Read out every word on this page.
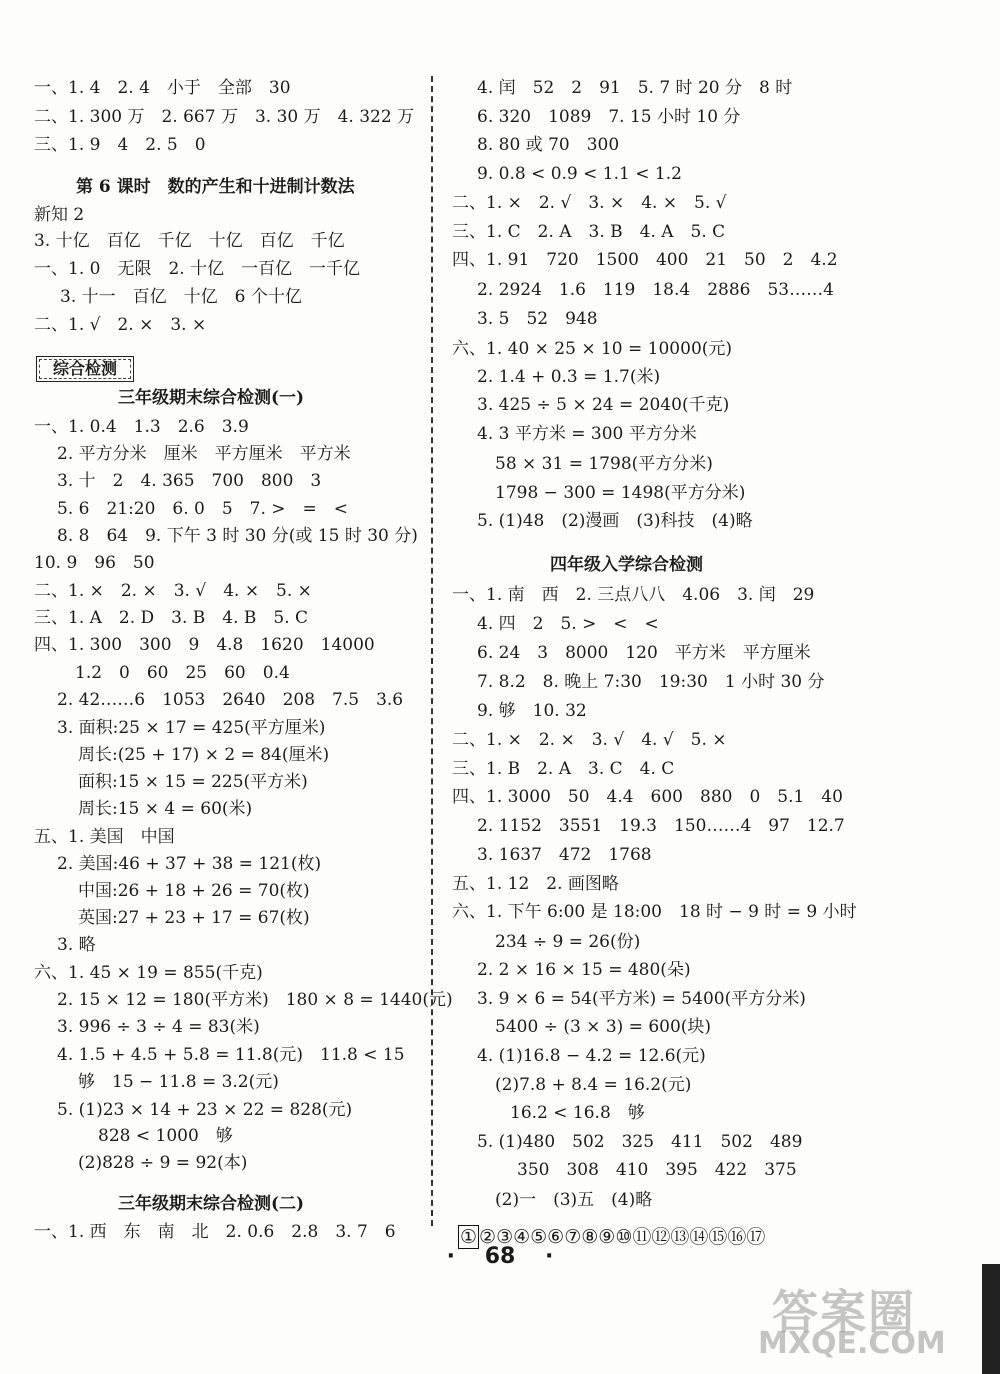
一、1. 4　2. 4　小于　全部　30
二、1. 300 万　2. 667 万　3. 30 万　4. 322 万
三、1. 9　4　2. 5　0
第 6 课时　数的产生和十进制计数法
新知 2
3. 十亿　百亿　千亿　十亿　百亿　千亿
一、1. 0　无限　2. 十亿　一百亿　一千亿
3. 十一　百亿　十亿　6 个十亿
二、1. √　2. ×　3. ×
三年级期末综合检测(一)
一、1. 0.4　1.3　2.6　3.9
2. 平方分米　厘米　平方厘米　平方米
3. 十　2　4. 365　700　800　3
5. 6　21:20　6. 0　5　7. >　=　<
8. 8　64　9. 下午 3 时 30 分(或 15 时 30 分)
10. 9　96　50
二、1. ×　2. ×　3. √　4. ×　5. ×
三、1. A　2. D　3. B　4. B　5. C
四、1. 300　300　9　4.8　1620　14000
1.2　0　60　25　60　0.4
2. 42……6　1053　2640　208　7.5　3.6
3. 面积:25 × 17 = 425(平方厘米)
周长:(25 + 17) × 2 = 84(厘米)
面积:15 × 15 = 225(平方米)
周长:15 × 4 = 60(米)
五、1. 美国　中国
2. 美国:46 + 37 + 38 = 121(枚)
中国:26 + 18 + 26 = 70(枚)
英国:27 + 23 + 17 = 67(枚)
3. 略
六、1. 45 × 19 = 855(千克)
2. 15 × 12 = 180(平方米)　180 × 8 = 1440(元)
3. 996 ÷ 3 ÷ 4 = 83(米)
4. 1.5 + 4.5 + 5.8 = 11.8(元)　11.8 < 15
够　15 − 11.8 = 3.2(元)
5. (1)23 × 14 + 23 × 22 = 828(元)
828 < 1000　够
(2)828 ÷ 9 = 92(本)
三年级期末综合检测(二)
一、1. 西　东　南　北　2. 0.6　2.8　3. 7　6
4. 闰　52　2　91　5. 7 时 20 分　8 时
6. 320　1089　7. 15 小时 10 分
8. 80 或 70　300
9. 0.8 < 0.9 < 1.1 < 1.2
二、1. ×　2. √　3. ×　4. ×　5. √
三、1. C　2. A　3. B　4. A　5. C
四、1. 91　720　1500　400　21　50　2　4.2
2. 2924　1.6　119　18.4　2886　53……4
3. 5　52　948
六、1. 40 × 25 × 10 = 10000(元)
2. 1.4 + 0.3 = 1.7(米)
3. 425 ÷ 5 × 24 = 2040(千克)
4. 3 平方米 = 300 平方分米
58 × 31 = 1798(平方分米)
1798 − 300 = 1498(平方分米)
5. (1)48　(2)漫画　(3)科技　(4)略
四年级入学综合检测
一、1. 南　西　2. 三点八八　4.06　3. 闰　29
4. 四　2　5. >　<　<
6. 24　3　8000　120　平方米　平方厘米
7. 8.2　8. 晚上 7:30　19:30　1 小时 30 分
9. 够　10. 32
二、1. ×　2. ×　3. √　4. √　5. ×
三、1. B　2. A　3. C　4. C
四、1. 3000　50　4.4　600　880　0　5.1　40
2. 1152　3551　19.3　150……4　97　12.7
3. 1637　472　1768
五、1. 12　2. 画图略
六、1. 下午 6:00 是 18:00　18 时 − 9 时 = 9 小时
234 ÷ 9 = 26(份)
2. 2 × 16 × 15 = 480(朵)
3. 9 × 6 = 54(平方米) = 5400(平方分米)
5400 ÷ (3 × 3) = 600(块)
4. (1)16.8 − 4.2 = 12.6(元)
(2)7.8 + 8.4 = 16.2(元)
16.2 < 16.8　够
5. (1)480　502　325　411　502　489
350　308　410　395　422　375
(2)一　(3)五　(4)略
综合检测
① ②③④⑤⑥⑦⑧⑨⑩⑪⑫⑬⑭⑮⑯⑰
· 68 ·
答案圈
MXQE.COM
